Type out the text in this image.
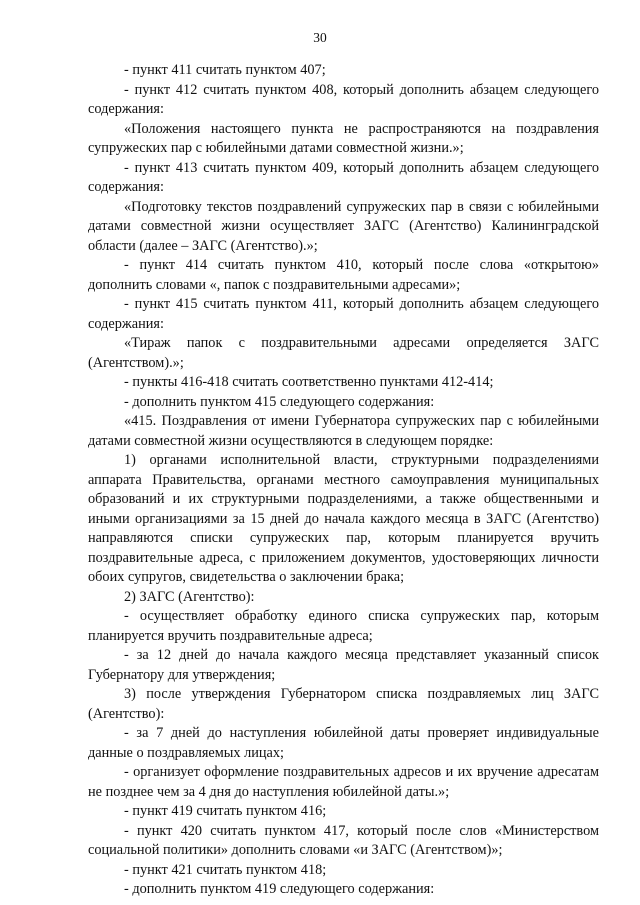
30

- пункт 411 считать пунктом 407;

- пункт 412 считать пунктом 408, который дополнить абзацем следующего содержания:

«Положения настоящего пункта не распространяются на поздравления супружеских пар с юбилейными датами совместной жизни.»;

- пункт 413 считать пунктом 409, который дополнить абзацем следующего содержания:

«Подготовку текстов поздравлений супружеских пар в связи с юбилейными датами совместной жизни осуществляет ЗАГС (Агентство) Калининградской области (далее – ЗАГС (Агентство).»;

- пункт 414 считать пунктом 410, который после слова «открытою» дополнить словами «, папок с поздравительными адресами»;

- пункт 415 считать пунктом 411, который дополнить абзацем следующего содержания:

«Тираж папок с поздравительными адресами определяется ЗАГС (Агентством).»;

- пункты 416-418 считать соответственно пунктами 412-414;

- дополнить пунктом 415 следующего содержания:

«415. Поздравления от имени Губернатора супружеских пар с юбилейными датами совместной жизни осуществляются в следующем порядке:

1) органами исполнительной власти, структурными подразделениями аппарата Правительства, органами местного самоуправления муниципальных образований и их структурными подразделениями, а также общественными и иными организациями за 15 дней до начала каждого месяца в ЗАГС (Агентство) направляются списки супружеских пар, которым планируется вручить поздравительные адреса, с приложением документов, удостоверяющих личности обоих супругов, свидетельства о заключении брака;

2) ЗАГС (Агентство):

- осуществляет обработку единого списка супружеских пар, которым планируется вручить поздравительные адреса;

- за 12 дней до начала каждого месяца представляет указанный список Губернатору для утверждения;

3) после утверждения Губернатором списка поздравляемых лиц ЗАГС (Агентство):

- за 7 дней до наступления юбилейной даты проверяет индивидуальные данные о поздравляемых лицах;

- организует оформление поздравительных адресов и их вручение адресатам не позднее чем за 4 дня до наступления юбилейной даты.»;

- пункт 419 считать пунктом 416;

- пункт 420 считать пунктом 417, который после слов «Министерством социальной политики» дополнить словами «и ЗАГС (Агентством)»;

- пункт 421 считать пунктом 418;

- дополнить пунктом 419 следующего содержания:
